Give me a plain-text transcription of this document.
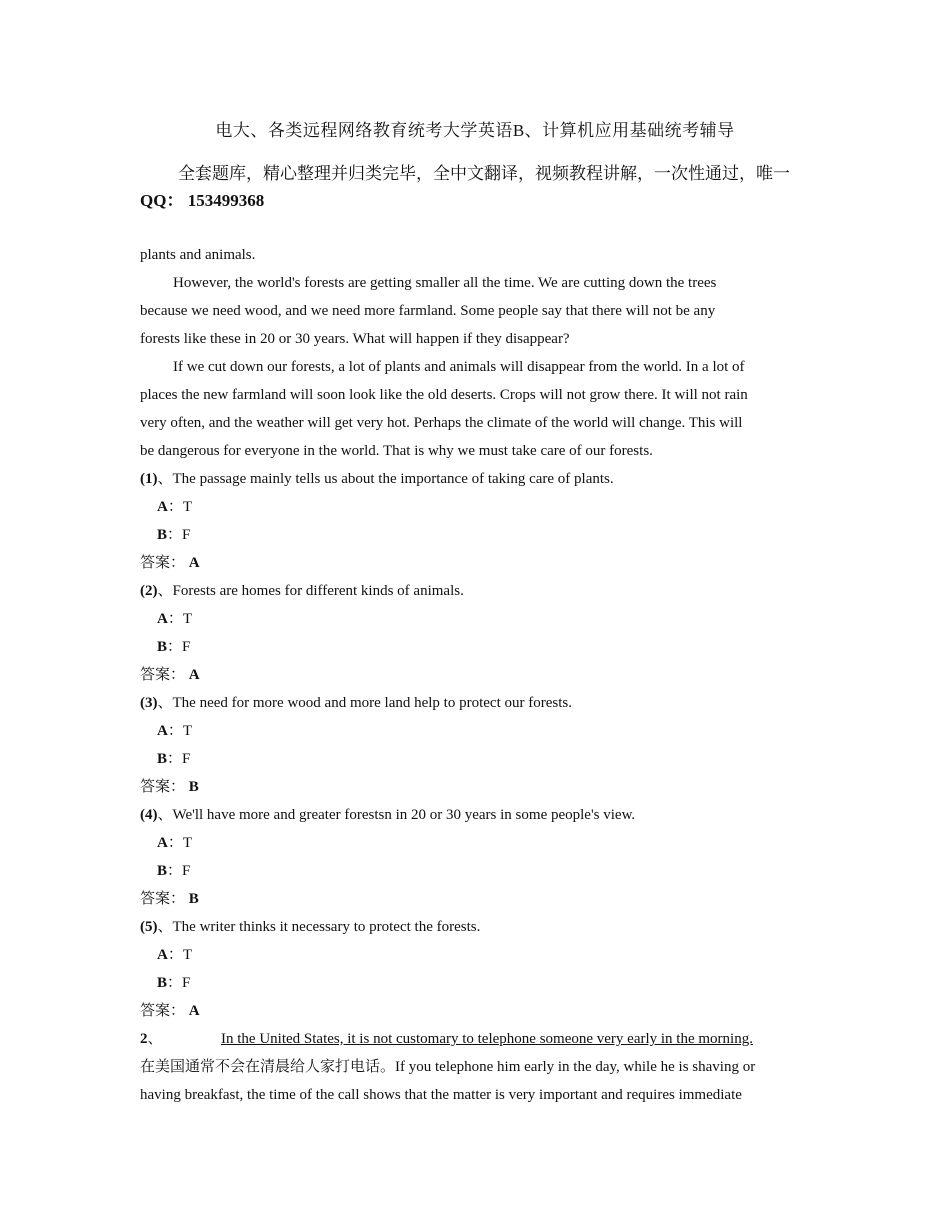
电大、各类远程网络教育统考大学英语B、计算机应用基础统考辅导
全套题库，精心整理并归类完毕，全中文翻译，视频教程讲解，一次性通过，唯一QQ： 153499368
plants and animals.
However, the world's forests are getting smaller all the time. We are cutting down the trees
because we need wood, and we need more farmland. Some people say that there will not be any
forests like these in 20 or 30 years. What will happen if they disappear?
If we cut down our forests, a lot of plants and animals will disappear from the world. In a lot of
places the new farmland will soon look like the old deserts. Crops will not grow there. It will not rain
very often, and the weather will get very hot. Perhaps the climate of the world will change. This will
be dangerous for everyone in the world. That is why we must take care of our forests.
(1)、The passage mainly tells us about the importance of taking care of plants.
A：T
B：F
答案： A
(2)、Forests are homes for different kinds of animals.
A：T
B：F
答案： A
(3)、The need for more wood and more land help to protect our forests.
A：T
B：F
答案： B
(4)、We'll have more and greater forestsn in 20 or 30 years in some people's view.
A：T
B：F
答案： B
(5)、The writer thinks it necessary to protect the forests.
A：T
B：F
答案： A
2、	In the United States, it is not customary to telephone someone very early in the morning.
在美国通常不会在清晨给人家打电话。If you telephone him early in the day, while he is shaving or
having breakfast, the time of the call shows that the matter is very important and requires immediate
